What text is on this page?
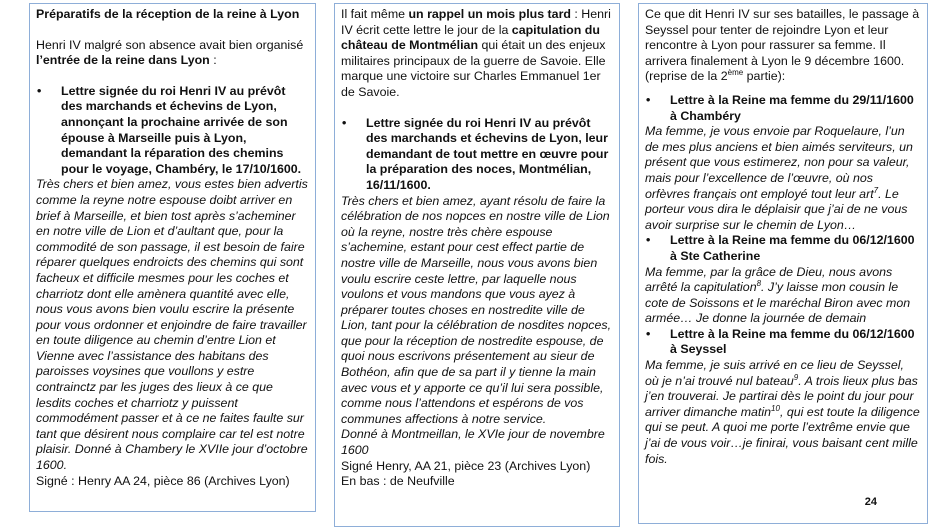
Préparatifs de la réception de la reine à Lyon

Henri IV malgré son absence avait bien organisé l’entrée de la reine dans Lyon :

• Lettre signée du roi Henri IV au prévôt des marchands et échevins de Lyon, annonçant la prochaine arrivée de son épouse à Marseille puis à Lyon, demandant la réparation des chemins pour le voyage, Chambéry, le 17/10/1600.

Très chers et bien amez, vous estes bien advertis comme la reyne notre espouse doibt arriver en brief à Marseille, et bien tost après s’acheminer en notre ville de Lion et d’aultant que, pour la commodité de son passage, il est besoin de faire réparer quelques endroicts des chemins qui sont facheux et difficile mesmes pour les coches et charriotz dont elle amènera quantité avec elle, nous vous avons bien voulu escrire la présente pour vous ordonner et enjoindre de faire travailler en toute diligence au chemin d’entre Lion et Vienne avec l’assistance des habitans des paroisses voysines que voullons y estre contrainctz par les juges des lieux à ce que lesdits coches et charriotz y puissent commodément passer et à ce ne faites faulte sur tant que désirent nous complaire car tel est notre plaisir. Donné à Chambery le XVIIe jour d’octobre 1600.

Signé : Henry AA 24, pièce 86 (Archives Lyon)

Il fait même un rappel un mois plus tard : Henri IV écrit cette lettre le jour de la capitulation du château de Montmélian qui était un des enjeux militaires principaux de la guerre de Savoie. Elle marque une victoire sur Charles Emmanuel 1er de Savoie.

• Lettre signée du roi Henri IV au prévôt des marchands et échevins de Lyon, leur demandant de tout mettre en œuvre pour la préparation des noces, Montmélian, 16/11/1600.

Très chers et bien amez, ayant résolu de faire la célébration de nos nopces en nostre ville de Lion où la reyne, nostre très chère espouse s’achemine, estant pour cest effect partie de nostre ville de Marseille, nous vous avons bien voulu escrire ceste lettre, par laquelle nous voulons et vous mandons que vous ayez à préparer toutes choses en nostredite ville de Lion, tant pour la célébration de nosdites nopces, que pour la réception de nostredite espouse, de quoi nous escrivons présentement au sieur de Bothéon, afin que de sa part il y tienne la main avec vous et y apporte ce qu’il lui sera possible, comme nous l’attendons et espérons de vos communes affections à notre service.

Donné à Montmeillan, le XVIe jour de novembre 1600

Signé Henry, AA 21, pièce 23 (Archives Lyon)

En bas : de Neufville

Ce que dit Henri IV sur ses batailles, le passage à Seyssel pour tenter de rejoindre Lyon et leur rencontre à Lyon pour rassurer sa femme. Il arrivera finalement à Lyon le 9 décembre 1600. (reprise de la 2ème partie):

• Lettre à la Reine ma femme du 29/11/1600 à Chambéry

Ma femme, je vous envoie par Roquelaure, l’un de mes plus anciens et bien aimés serviteurs, un présent que vous estimerez, non pour sa valeur, mais pour l’excellence de l’œuvre, où nos orfèvres français ont employé tout leur art$^7$. Le porteur vous dira le déplaisir que j’ai de ne vous avoir surprise sur le chemin de Lyon…

• Lettre à la Reine ma femme du 06/12/1600 à Ste Catherine

Ma femme, par la grâce de Dieu, nous avons arrêté la capitulation$^8$. J’y laisse mon cousin le cote de Soissons et le maréchal Biron avec mon armée… Je donne la journée de demain

• Lettre à la Reine ma femme du 06/12/1600 à Seyssel

Ma femme, je suis arrivé en ce lieu de Seyssel, où je n’ai trouvé nul bateau$^9$. A trois lieux plus bas j’en trouverai. Je partirai dès le point du jour pour arriver dimanche matin$^{10}$, qui est toute la diligence qui se peut. A quoi me porte l’extrême envie que j’ai de vous voir…je finirai, vous baisant cent mille fois.

24
